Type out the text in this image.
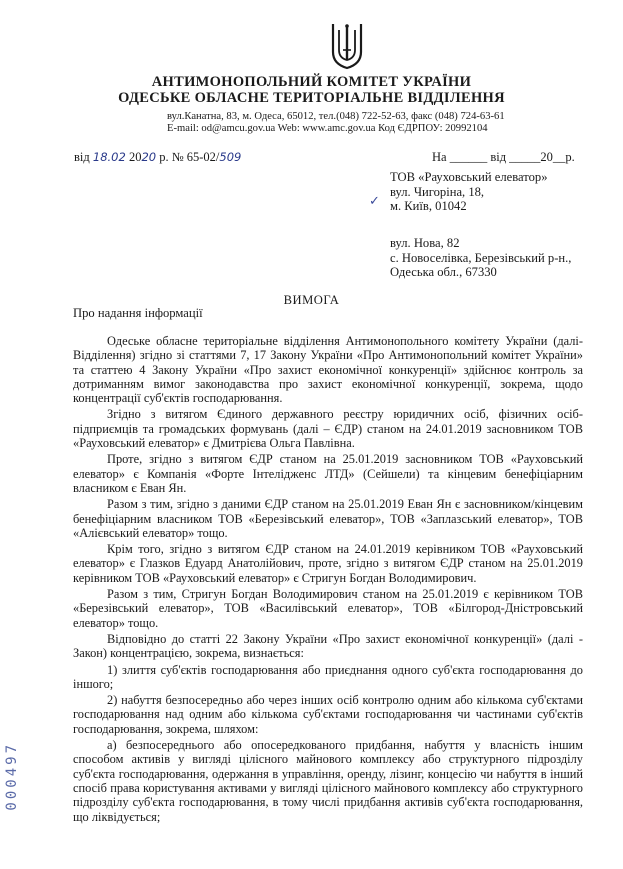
АНТИМОНОПОЛЬНИЙ КОМІТЕТ УКРАЇНИ
ОДЕСЬКЕ ОБЛАСНЕ ТЕРИТОРІАЛЬНЕ ВІДДІЛЕННЯ
вул.Канатна, 83, м. Одеса, 65012, тел.(048) 722-52-63, факс (048) 724-63-61
E-mail: od@amcu.gov.ua Web: www.amc.gov.ua Код ЄДРПОУ: 20992104
від 18.02 2020 р. № 65-02/509	На ______ від _____20__р.
✓
ТОВ «Рауховський елеватор»
вул. Чигоріна, 18,
м. Київ, 01042
вул. Нова, 82
с. Новоселівка, Березівський р-н.,
Одеська обл., 67330
ВИМОГА
Про надання інформації

Одеське обласне територіальне відділення Антимонопольного комітету України (далі-Відділення) згідно зі статтями 7, 17 Закону України «Про Антимонопольний комітет України» та статтею 4 Закону України «Про захист економічної конкуренції» здійснює контроль за дотриманням вимог законодавства про захист економічної конкуренції, зокрема, щодо концентрації суб'єктів господарювання.

Згідно з витягом Єдиного державного реєстру юридичних осіб, фізичних осіб-підприємців та громадських формувань (далі – ЄДР) станом на 24.01.2019 засновником ТОВ «Рауховський елеватор» є Дмитрієва Ольга Павлівна.

Проте, згідно з витягом ЄДР станом на 25.01.2019 засновником ТОВ «Рауховський елеватор» є Компанія «Форте Інтелідженс ЛТД» (Сейшели) та кінцевим бенефіціарним власником є Еван Ян.

Разом з тим, згідно з даними ЄДР станом на 25.01.2019 Еван Ян є засновником/кінцевим бенефіціарним власником ТОВ «Березівський елеватор», ТОВ «Заплазський елеватор», ТОВ «Алієвський елеватор» тощо.

Крім того, згідно з витягом ЄДР станом на 24.01.2019 керівником ТОВ «Рауховський елеватор» є Глазков Едуард Анатолійович, проте, згідно з витягом ЄДР станом на 25.01.2019 керівником ТОВ «Рауховський елеватор» є Стригун Богдан Володимирович.

Разом з тим, Стригун Богдан Володимирович станом на 25.01.2019 є керівником ТОВ «Березівський елеватор», ТОВ «Василівський елеватор», ТОВ «Білгород-Дністровський елеватор» тощо.

Відповідно до статті 22 Закону України «Про захист економічної конкуренції» (далі - Закон) концентрацією, зокрема, визнається:

1) злиття суб'єктів господарювання або приєднання одного суб'єкта господарювання до іншого;

2) набуття безпосередньо або через інших осіб контролю одним або кількома суб'єктами господарювання над одним або кількома суб'єктами господарювання чи частинами суб'єктів господарювання, зокрема, шляхом:

а) безпосереднього або опосередкованого придбання, набуття у власність іншим способом активів у вигляді цілісного майнового комплексу або структурного підрозділу суб'єкта господарювання, одержання в управління, оренду, лізинг, концесію чи набуття в інший спосіб права користування активами у вигляді цілісного майнового комплексу або структурного підрозділу суб'єкта господарювання, в тому числі придбання активів суб'єкта господарювання, що ліквідується;

000497
